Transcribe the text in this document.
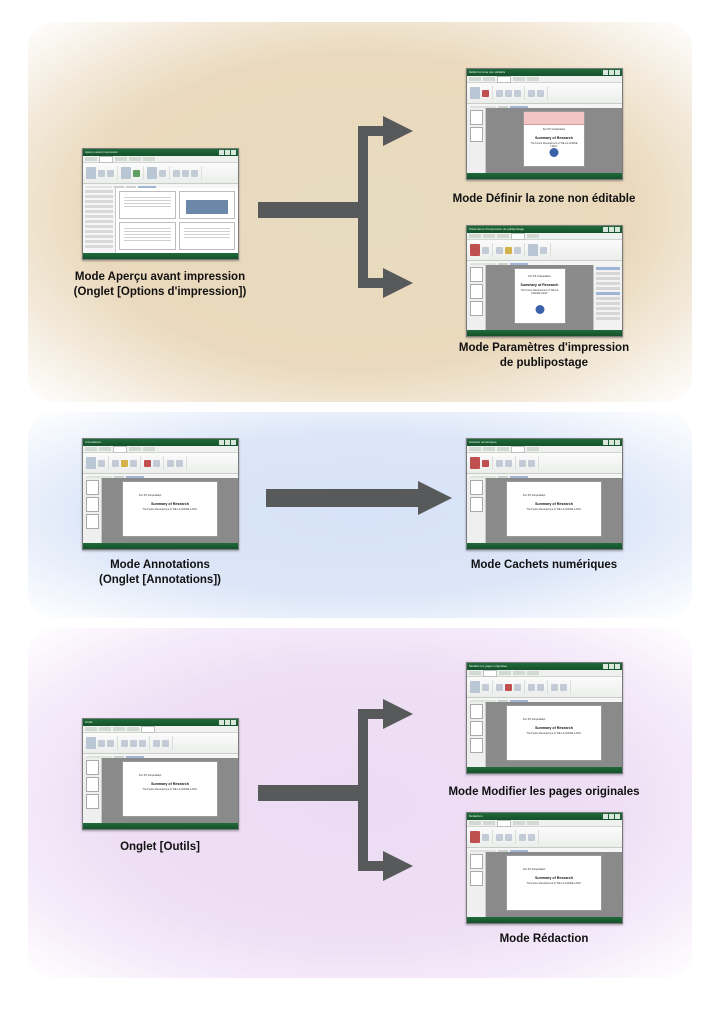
Aperçu avant impression
Mode Aperçu avant impression
(Onglet [Options d'impression])
Définir la zone non éditable
For XX Corporation
Summary of Research
The Future Development of "DE LA CADIAE LANA"
Mode Définir la zone non éditable
Paramètres d'impression de publipostage
For XX Corporation
Summary of Research
The Future Development of "DE LA CADIAE LANA"
Mode Paramètres d'impression
de publipostage
Annotations
For XX Corporation
Summary of Research
The Future Development of "DE LA CADIAE LANA"
Mode Annotations
(Onglet [Annotations])
Cachets numériques
For XX Corporation
Summary of Research
The Future Development of "DE LA CADIAE LANA"
Mode Cachets numériques
Outils
For XX Corporation
Summary of Research
The Future Development of "DE LA CADIAE LANA"
Onglet [Outils]
Modifier les pages originales
For XX Corporation
Summary of Research
The Future Development of "DE LA CADIAE LANA"
Mode Modifier les pages originales
Rédaction
For XX Corporation
Summary of Research
The Future Development of "DE LA CADIAE LANA"
Mode Rédaction
